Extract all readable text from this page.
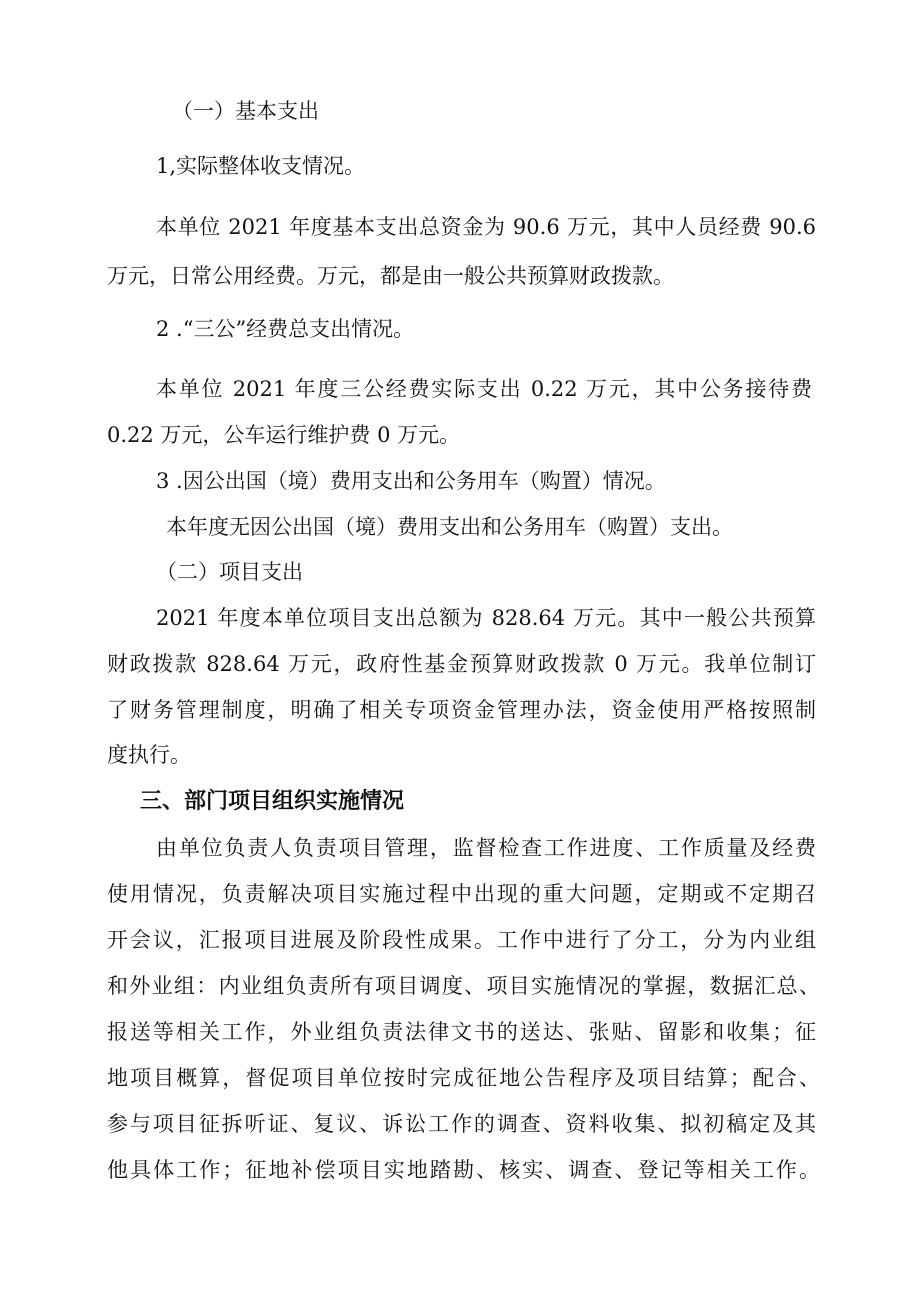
（一）基本支出

1,实际整体收支情况。

本单位 2021 年度基本支出总资金为 90.6 万元，其中人员经费 90.6

万元，日常公用经费。万元，都是由一般公共预算财政拨款。

2 .“三公”经费总支出情况。

本单位 2021 年度三公经费实际支出 0.22 万元，其中公务接待费

0.22 万元，公车运行维护费 0 万元。

3 .因公出国（境）费用支出和公务用车（购置）情况。

本年度无因公出国（境）费用支出和公务用车（购置）支出。

（二）项目支出

2021 年度本单位项目支出总额为 828.64 万元。其中一般公共预算

财政拨款 828.64 万元，政府性基金预算财政拨款 0 万元。我单位制订

了财务管理制度，明确了相关专项资金管理办法，资金使用严格按照制

度执行。

三、部门项目组织实施情况

由单位负责人负责项目管理，监督检查工作进度、工作质量及经费

使用情况，负责解决项目实施过程中出现的重大问题，定期或不定期召

开会议，汇报项目进展及阶段性成果。工作中进行了分工，分为内业组

和外业组：内业组负责所有项目调度、项目实施情况的掌握，数据汇总、

报送等相关工作，外业组负责法律文书的送达、张贴、留影和收集；征

地项目概算，督促项目单位按时完成征地公告程序及项目结算；配合、

参与项目征拆听证、复议、诉讼工作的调查、资料收集、拟初稿定及其

他具体工作；征地补偿项目实地踏勘、核实、调查、登记等相关工作。
